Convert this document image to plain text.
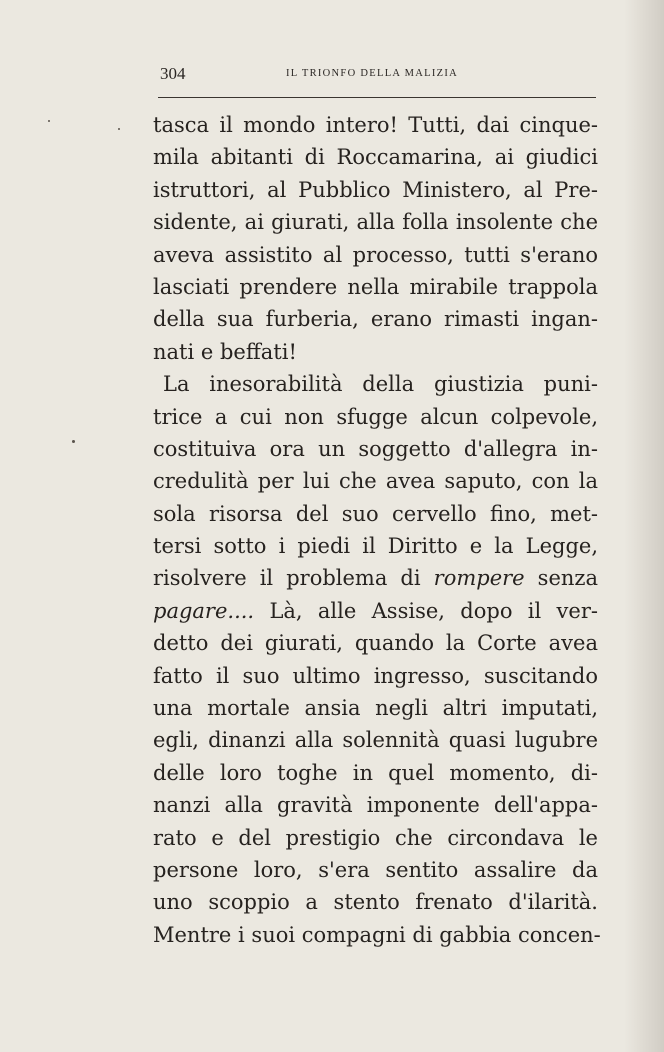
304	IL TRIONFO DELLA MALIZIA
tasca il mondo intero! Tutti, dai cinque-
mila abitanti di Roccamarina, ai giudici
istruttori, al Pubblico Ministero, al Pre-
sidente, ai giurati, alla folla insolente che
aveva assistito al processo, tutti s'erano
lasciati prendere nella mirabile trappola
della sua furberia, erano rimasti ingan-
nati e beffati!
La inesorabilità della giustizia puni-
trice a cui non sfugge alcun colpevole,
costituiva ora un soggetto d'allegra in-
credulità per lui che avea saputo, con la
sola risorsa del suo cervello fino, met-
tersi sotto i piedi il Diritto e la Legge,
risolvere il problema di rompere senza
pagare.... Là, alle Assise, dopo il ver-
detto dei giurati, quando la Corte avea
fatto il suo ultimo ingresso, suscitando
una mortale ansia negli altri imputati,
egli, dinanzi alla solennità quasi lugubre
delle loro toghe in quel momento, di-
nanzi alla gravità imponente dell'appa-
rato e del prestigio che circondava le
persone loro, s'era sentito assalire da
uno scoppio a stento frenato d'ilarità.
Mentre i suoi compagni di gabbia concen-
